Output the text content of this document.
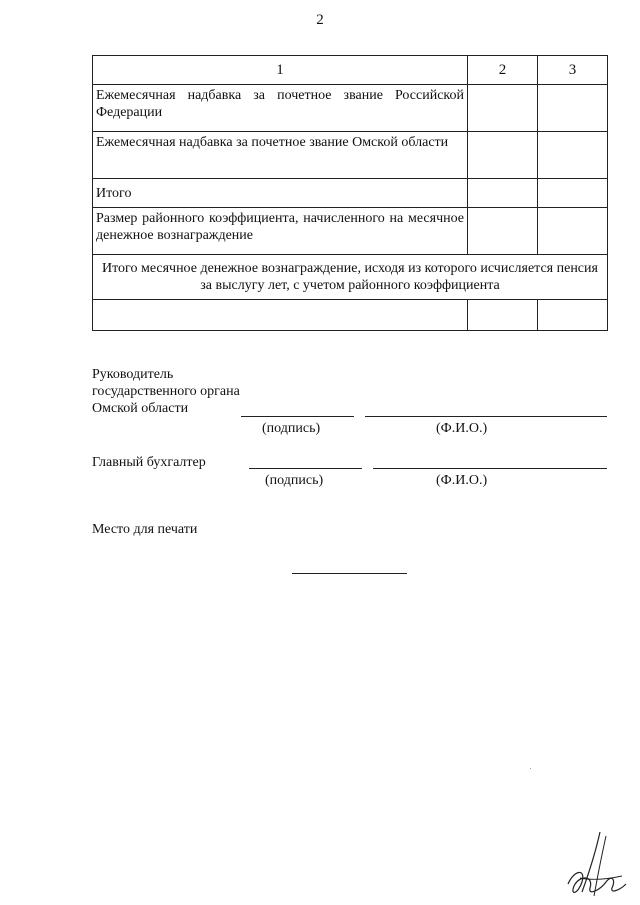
2
1	2	3
Ежемесячная надбавка за почетное звание Российской Федерации		
Ежемесячная надбавка за почетное звание Омской области		
Итого		
Размер районного коэффициента, начисленного на месячное денежное вознаграждение		
Итого месячное денежное вознаграждение, исходя из которого исчисляется пенсия за выслугу лет, с учетом районного коэффициента		

Руководитель
государственного органа
Омской области
(подпись)	(Ф.И.О.)
Главный бухгалтер
(подпись)	(Ф.И.О.)
Место для печати
